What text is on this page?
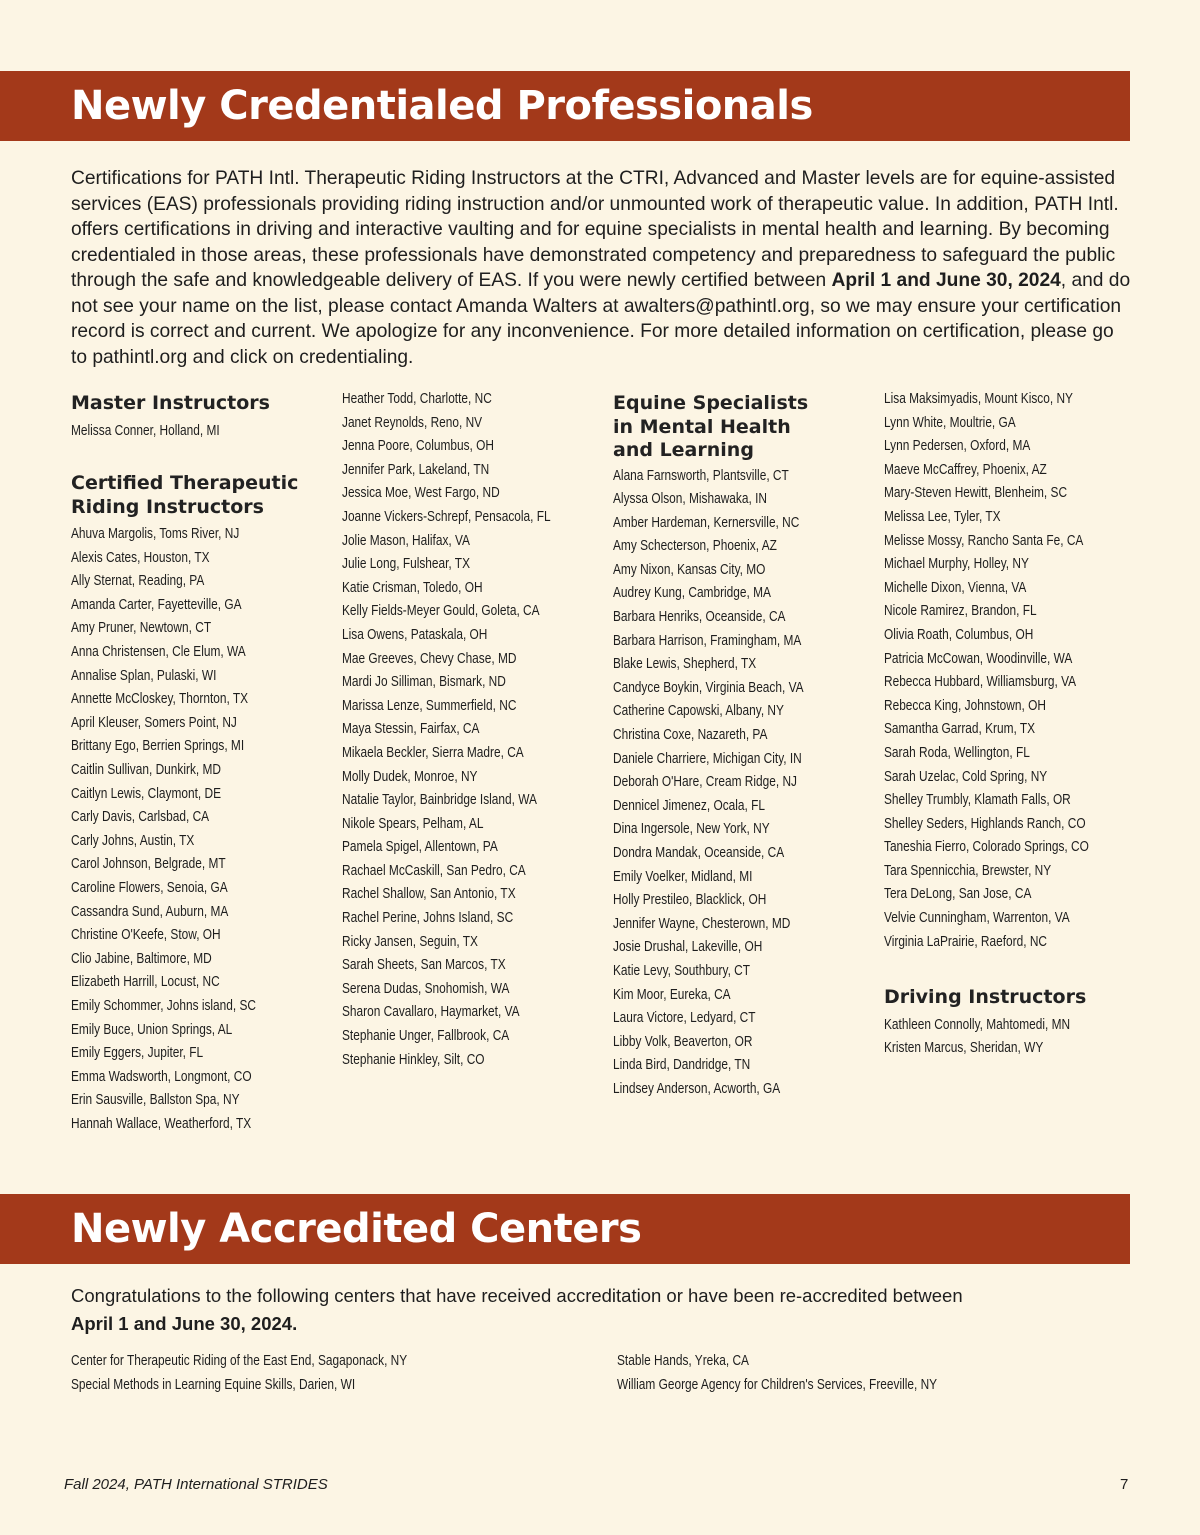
Newly Credentialed Professionals

Certifications for PATH Intl. Therapeutic Riding Instructors at the CTRI, Advanced and Master levels are for equine-assisted services (EAS) professionals providing riding instruction and/or unmounted work of therapeutic value. In addition, PATH Intl. offers certifications in driving and interactive vaulting and for equine specialists in mental health and learning. By becoming credentialed in those areas, these professionals have demonstrated competency and preparedness to safeguard the public through the safe and knowledgeable delivery of EAS. If you were newly certified between April 1 and June 30, 2024, and do not see your name on the list, please contact Amanda Walters at awalters@pathintl.org, so we may ensure your certification record is correct and current. We apologize for any inconvenience. For more detailed information on certification, please go to pathintl.org and click on credentialing.

Master Instructors
Melissa Conner, Holland, MI
Certified Therapeutic Riding Instructors
Ahuva Margolis, Toms River, NJ
Alexis Cates, Houston, TX
Ally Sternat, Reading, PA
Amanda Carter, Fayetteville, GA
Amy Pruner, Newtown, CT
Anna Christensen, Cle Elum, WA
Annalise Splan, Pulaski, WI
Annette McCloskey, Thornton, TX
April Kleuser, Somers Point, NJ
Brittany Ego, Berrien Springs, MI
Caitlin Sullivan, Dunkirk, MD
Caitlyn Lewis, Claymont, DE
Carly Davis, Carlsbad, CA
Carly Johns, Austin, TX
Carol Johnson, Belgrade, MT
Caroline Flowers, Senoia, GA
Cassandra Sund, Auburn, MA
Christine O'Keefe, Stow, OH
Clio Jabine, Baltimore, MD
Elizabeth Harrill, Locust, NC
Emily Schommer, Johns island, SC
Emily Buce, Union Springs, AL
Emily Eggers, Jupiter, FL
Emma Wadsworth, Longmont, CO
Erin Sausville, Ballston Spa, NY
Hannah Wallace, Weatherford, TX
Heather Todd, Charlotte, NC
Janet Reynolds, Reno, NV
Jenna Poore, Columbus, OH
Jennifer Park, Lakeland, TN
Jessica Moe, West Fargo, ND
Joanne Vickers-Schrepf, Pensacola, FL
Jolie Mason, Halifax, VA
Julie Long, Fulshear, TX
Katie Crisman, Toledo, OH
Kelly Fields-Meyer Gould, Goleta, CA
Lisa Owens, Pataskala, OH
Mae Greeves, Chevy Chase, MD
Mardi Jo Silliman, Bismark, ND
Marissa Lenze, Summerfield, NC
Maya Stessin, Fairfax, CA
Mikaela Beckler, Sierra Madre, CA
Molly Dudek, Monroe, NY
Natalie Taylor, Bainbridge Island, WA
Nikole Spears, Pelham, AL
Pamela Spigel, Allentown, PA
Rachael McCaskill, San Pedro, CA
Rachel Shallow, San Antonio, TX
Rachel Perine, Johns Island, SC
Ricky Jansen, Seguin, TX
Sarah Sheets, San Marcos, TX
Serena Dudas, Snohomish, WA
Sharon Cavallaro, Haymarket, VA
Stephanie Unger, Fallbrook, CA
Stephanie Hinkley, Silt, CO
Equine Specialists in Mental Health and Learning
Alana Farnsworth, Plantsville, CT
Alyssa Olson, Mishawaka, IN
Amber Hardeman, Kernersville, NC
Amy Schecterson, Phoenix, AZ
Amy Nixon, Kansas City, MO
Audrey Kung, Cambridge, MA
Barbara Henriks, Oceanside, CA
Barbara Harrison, Framingham, MA
Blake Lewis, Shepherd, TX
Candyce Boykin, Virginia Beach, VA
Catherine Capowski, Albany, NY
Christina Coxe, Nazareth, PA
Daniele Charriere, Michigan City, IN
Deborah O'Hare, Cream Ridge, NJ
Dennicel Jimenez, Ocala, FL
Dina Ingersole, New York, NY
Dondra Mandak, Oceanside, CA
Emily Voelker, Midland, MI
Holly Prestileo, Blacklick, OH
Jennifer Wayne, Chesterown, MD
Josie Drushal, Lakeville, OH
Katie Levy, Southbury, CT
Kim Moor, Eureka, CA
Laura Victore, Ledyard, CT
Libby Volk, Beaverton, OR
Linda Bird, Dandridge, TN
Lindsey Anderson, Acworth, GA
Lisa Maksimyadis, Mount Kisco, NY
Lynn White, Moultrie, GA
Lynn Pedersen, Oxford, MA
Maeve McCaffrey, Phoenix, AZ
Mary-Steven Hewitt, Blenheim, SC
Melissa Lee, Tyler, TX
Melisse Mossy, Rancho Santa Fe, CA
Michael Murphy, Holley, NY
Michelle Dixon, Vienna, VA
Nicole Ramirez, Brandon, FL
Olivia Roath, Columbus, OH
Patricia McCowan, Woodinville, WA
Rebecca Hubbard, Williamsburg, VA
Rebecca King, Johnstown, OH
Samantha Garrad, Krum, TX
Sarah Roda, Wellington, FL
Sarah Uzelac, Cold Spring, NY
Shelley Trumbly, Klamath Falls, OR
Shelley Seders, Highlands Ranch, CO
Taneshia Fierro, Colorado Springs, CO
Tara Spennicchia, Brewster, NY
Tera DeLong, San Jose, CA
Velvie Cunningham, Warrenton, VA
Virginia LaPrairie, Raeford, NC
Driving Instructors
Kathleen Connolly, Mahtomedi, MN
Kristen Marcus, Sheridan, WY
Newly Accredited Centers

Congratulations to the following centers that have received accreditation or have been re-accredited between
April 1 and June 30, 2024.

Center for Therapeutic Riding of the East End, Sagaponack, NY
Special Methods in Learning Equine Skills, Darien, WI
Stable Hands, Yreka, CA
William George Agency for Children's Services, Freeville, NY
Fall 2024, PATH International STRIDES	7
